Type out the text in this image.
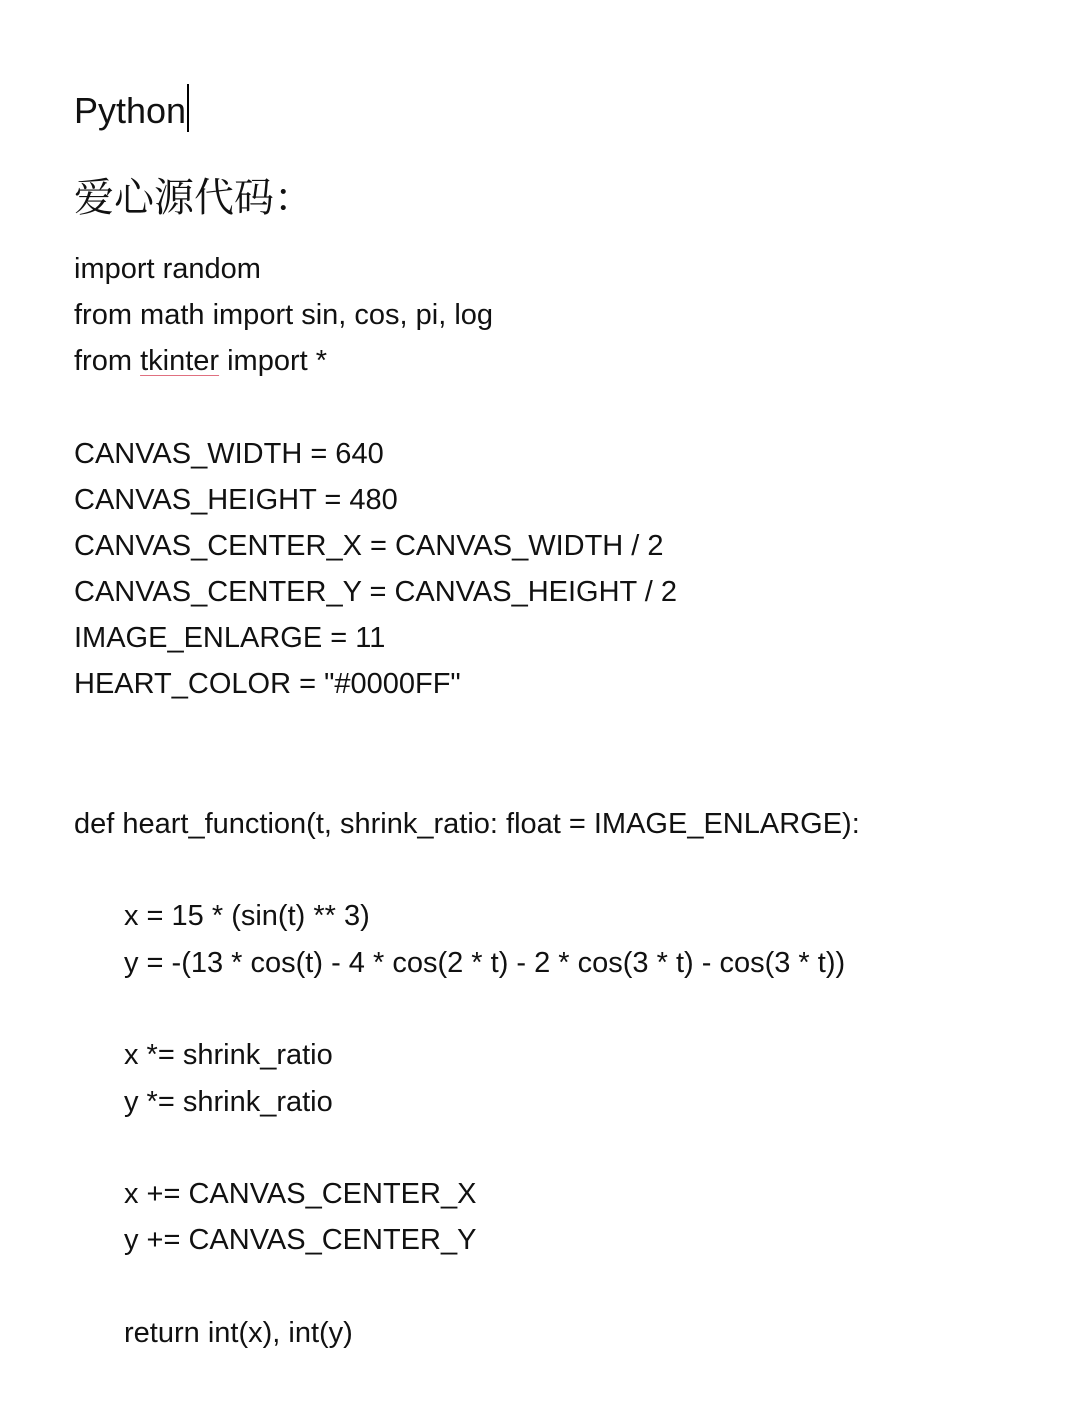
Python
爱心源代码：
import random
from math import sin, cos, pi, log
from tkinter import *
CANVAS_WIDTH = 640
CANVAS_HEIGHT = 480
CANVAS_CENTER_X = CANVAS_WIDTH / 2
CANVAS_CENTER_Y = CANVAS_HEIGHT / 2
IMAGE_ENLARGE = 11
HEART_COLOR = "#0000FF"
def heart_function(t, shrink_ratio: float = IMAGE_ENLARGE):
x = 15 * (sin(t) ** 3)
y = -(13 * cos(t) - 4 * cos(2 * t) - 2 * cos(3 * t) - cos(3 * t))
x *= shrink_ratio
y *= shrink_ratio
x += CANVAS_CENTER_X
y += CANVAS_CENTER_Y
return int(x), int(y)
